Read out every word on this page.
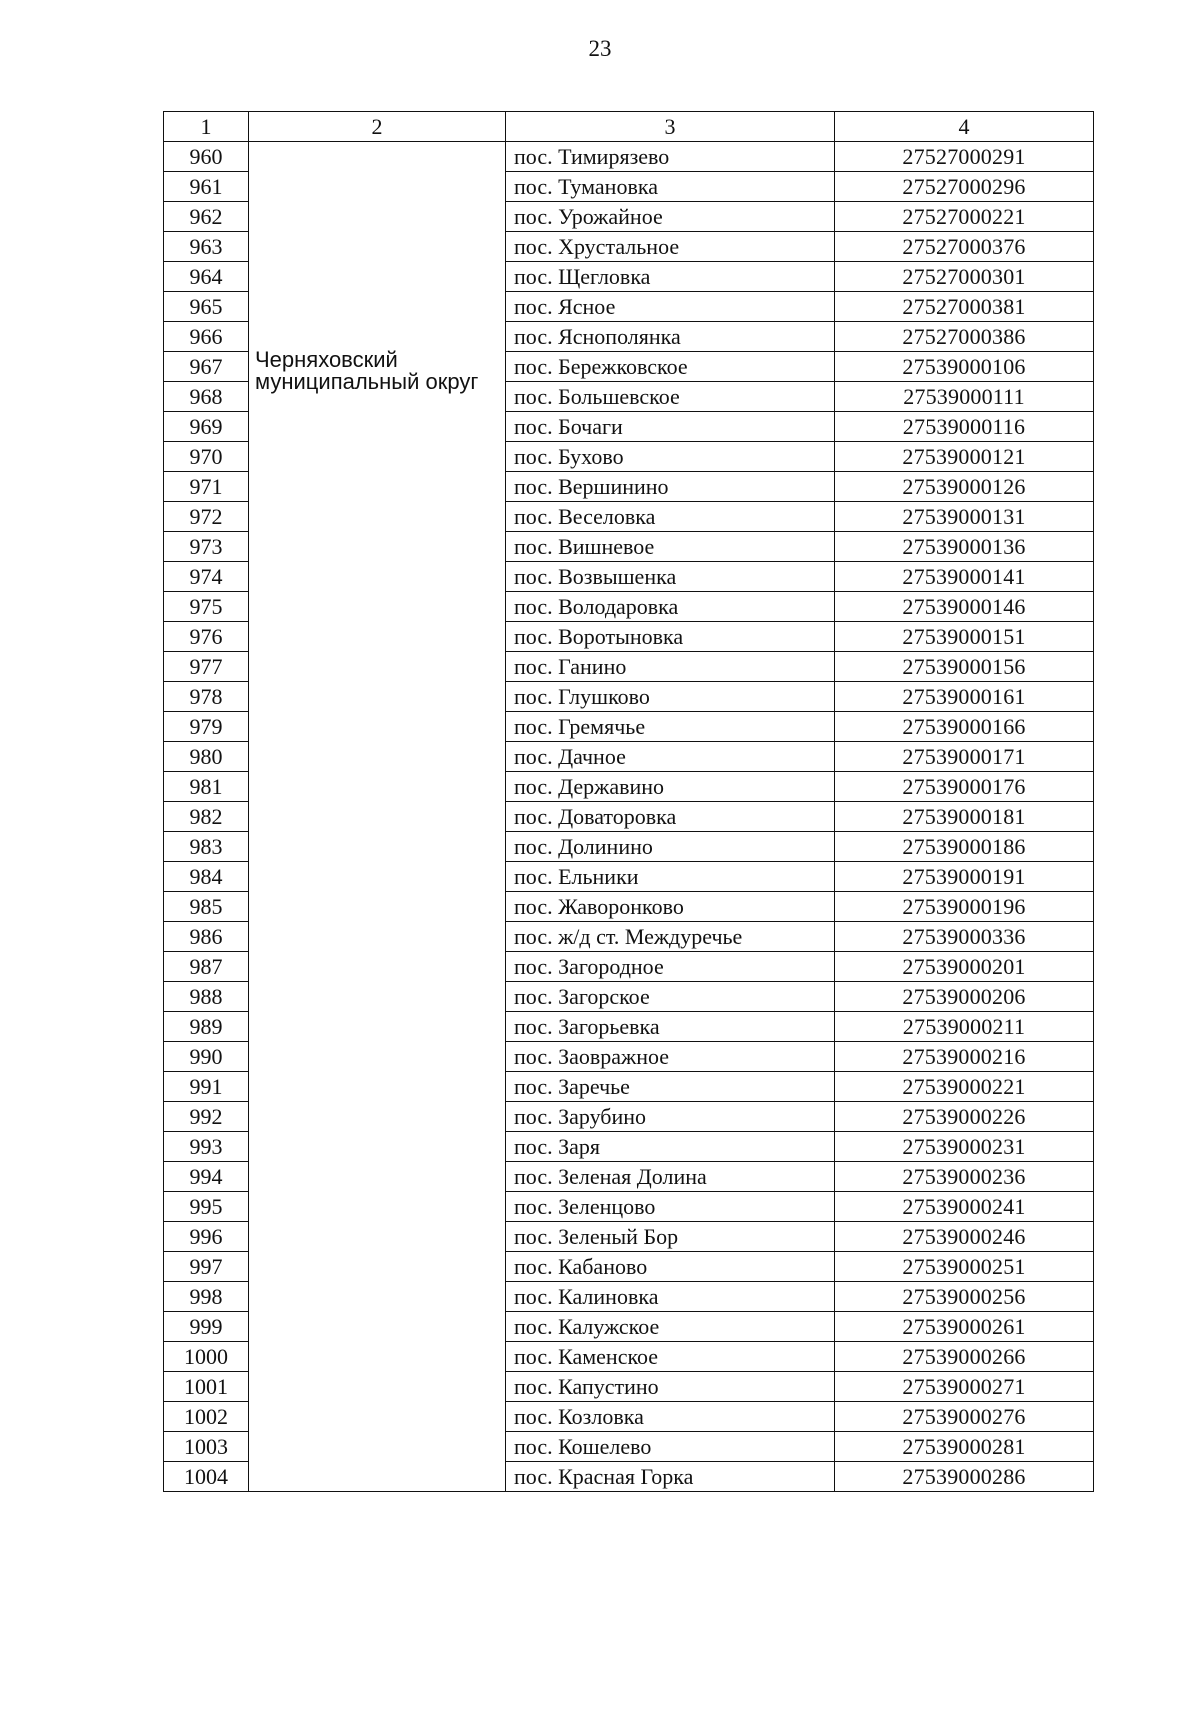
23
1	2	3	4
960	Черняховский муниципальный округ	пос. Тимирязево	27527000291
961		пос. Тумановка	27527000296
962		пос. Урожайное	27527000221
963		пос. Хрустальное	27527000376
964		пос. Щегловка	27527000301
965		пос. Ясное	27527000381
966		пос. Яснополянка	27527000386
967		пос. Бережковское	27539000106
968		пос. Большевское	27539000111
969		пос. Бочаги	27539000116
970		пос. Бухово	27539000121
971		пос. Вершинино	27539000126
972		пос. Веселовка	27539000131
973		пос. Вишневое	27539000136
974		пос. Возвышенка	27539000141
975		пос. Володаровка	27539000146
976		пос. Воротыновка	27539000151
977		пос. Ганино	27539000156
978		пос. Глушково	27539000161
979		пос. Гремячье	27539000166
980		пос. Дачное	27539000171
981		пос. Державино	27539000176
982		пос. Доваторовка	27539000181
983		пос. Долинино	27539000186
984		пос. Ельники	27539000191
985		пос. Жаворонково	27539000196
986		пос. ж/д ст. Междуречье	27539000336
987		пос. Загородное	27539000201
988		пос. Загорское	27539000206
989		пос. Загорьевка	27539000211
990		пос. Заовражное	27539000216
991		пос. Заречье	27539000221
992		пос. Зарубино	27539000226
993		пос. Заря	27539000231
994		пос. Зеленая Долина	27539000236
995		пос. Зеленцово	27539000241
996		пос. Зеленый Бор	27539000246
997		пос. Кабаново	27539000251
998		пос. Калиновка	27539000256
999		пос. Калужское	27539000261
1000		пос. Каменское	27539000266
1001		пос. Капустино	27539000271
1002		пос. Козловка	27539000276
1003		пос. Кошелево	27539000281
1004		пос. Красная Горка	27539000286
